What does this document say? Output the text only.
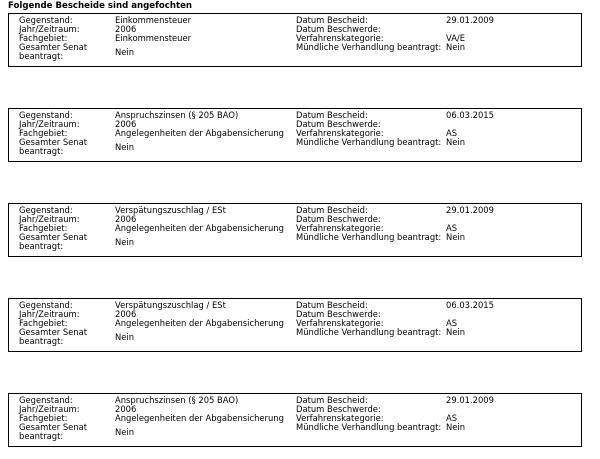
Folgende Bescheide sind angefochten
Gegenstand:
Jahr/Zeitraum:
Fachgebiet:
Gesamter Senat
beantragt:
Einkommensteuer
2006
Einkommensteuer
Nein
Datum Bescheid:
Datum Beschwerde:
Verfahrenskategorie:
Mündliche Verhandlung beantragt:
29.01.2009
VA/E
Nein
Gegenstand:
Jahr/Zeitraum:
Fachgebiet:
Gesamter Senat
beantragt:
Anspruchszinsen (§ 205 BAO)
2006
Angelegenheiten der Abgabensicherung
Nein
Datum Bescheid:
Datum Beschwerde:
Verfahrenskategorie:
Mündliche Verhandlung beantragt:
06.03.2015
AS
Nein
Gegenstand:
Jahr/Zeitraum:
Fachgebiet:
Gesamter Senat
beantragt:
Verspätungszuschlag / ESt
2006
Angelegenheiten der Abgabensicherung
Nein
Datum Bescheid:
Datum Beschwerde:
Verfahrenskategorie:
Mündliche Verhandlung beantragt:
29.01.2009
AS
Nein
Gegenstand:
Jahr/Zeitraum:
Fachgebiet:
Gesamter Senat
beantragt:
Verspätungszuschlag / ESt
2006
Angelegenheiten der Abgabensicherung
Nein
Datum Bescheid:
Datum Beschwerde:
Verfahrenskategorie:
Mündliche Verhandlung beantragt:
06.03.2015
AS
Nein
Gegenstand:
Jahr/Zeitraum:
Fachgebiet:
Gesamter Senat
beantragt:
Anspruchszinsen (§ 205 BAO)
2006
Angelegenheiten der Abgabensicherung
Nein
Datum Bescheid:
Datum Beschwerde:
Verfahrenskategorie:
Mündliche Verhandlung beantragt:
29.01.2009
AS
Nein
